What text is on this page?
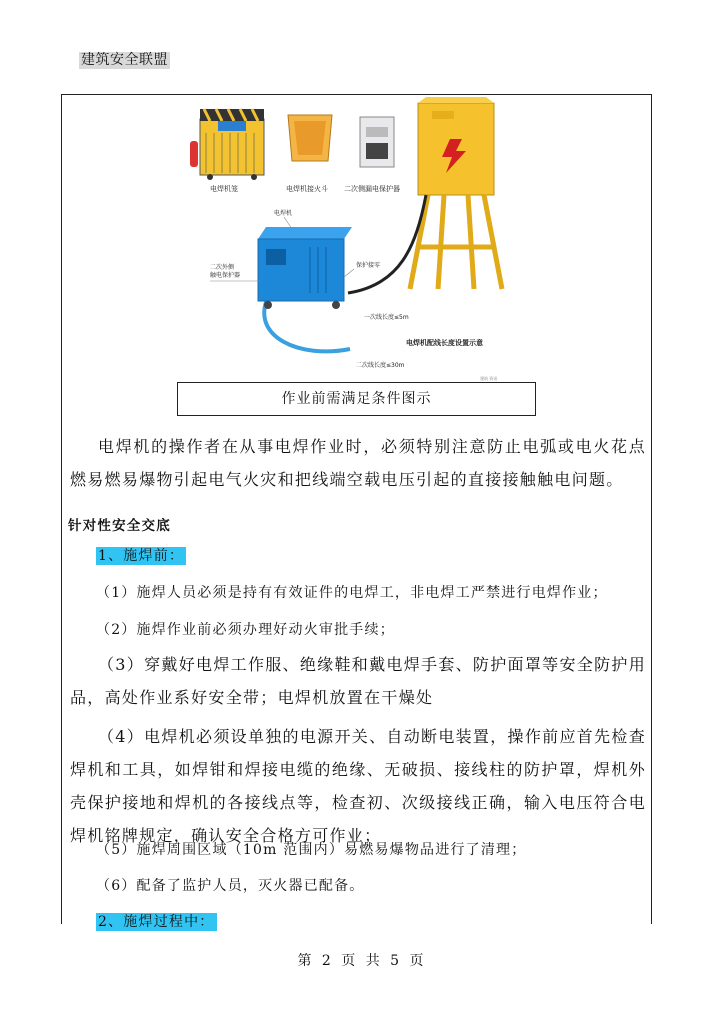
建筑安全联盟
电焊机笼	电焊机接火斗 二次侧漏电保护器
电焊机
二次外侧
触电保护器
保护接零
一次线长度≤5m
电焊机配线长度设置示意
二次线长度≤30m
建筑 资讯
作业前需满足条件图示
电焊机的操作者在从事电焊作业时，必须特别注意防止电弧或电火花点燃易燃易爆物引起电气火灾和把线端空载电压引起的直接接触触电问题。
针对性安全交底
1、施焊前：
（1）施焊人员必须是持有有效证件的电焊工，非电焊工严禁进行电焊作业；
（2）施焊作业前必须办理好动火审批手续；
（3）穿戴好电焊工作服、绝缘鞋和戴电焊手套、防护面罩等安全防护用品，高处作业系好安全带；电焊机放置在干燥处
（4）电焊机必须设单独的电源开关、自动断电装置，操作前应首先检查焊机和工具，如焊钳和焊接电缆的绝缘、无破损、接线柱的防护罩，焊机外壳保护接地和焊机的各接线点等，检查初、次级接线正确，输入电压符合电焊机铭牌规定，确认安全合格方可作业；
（5）施焊周围区域（10m 范围内）易燃易爆物品进行了清理；
（6）配备了监护人员，灭火器已配备。
2、施焊过程中：
第 2 页 共 5 页
